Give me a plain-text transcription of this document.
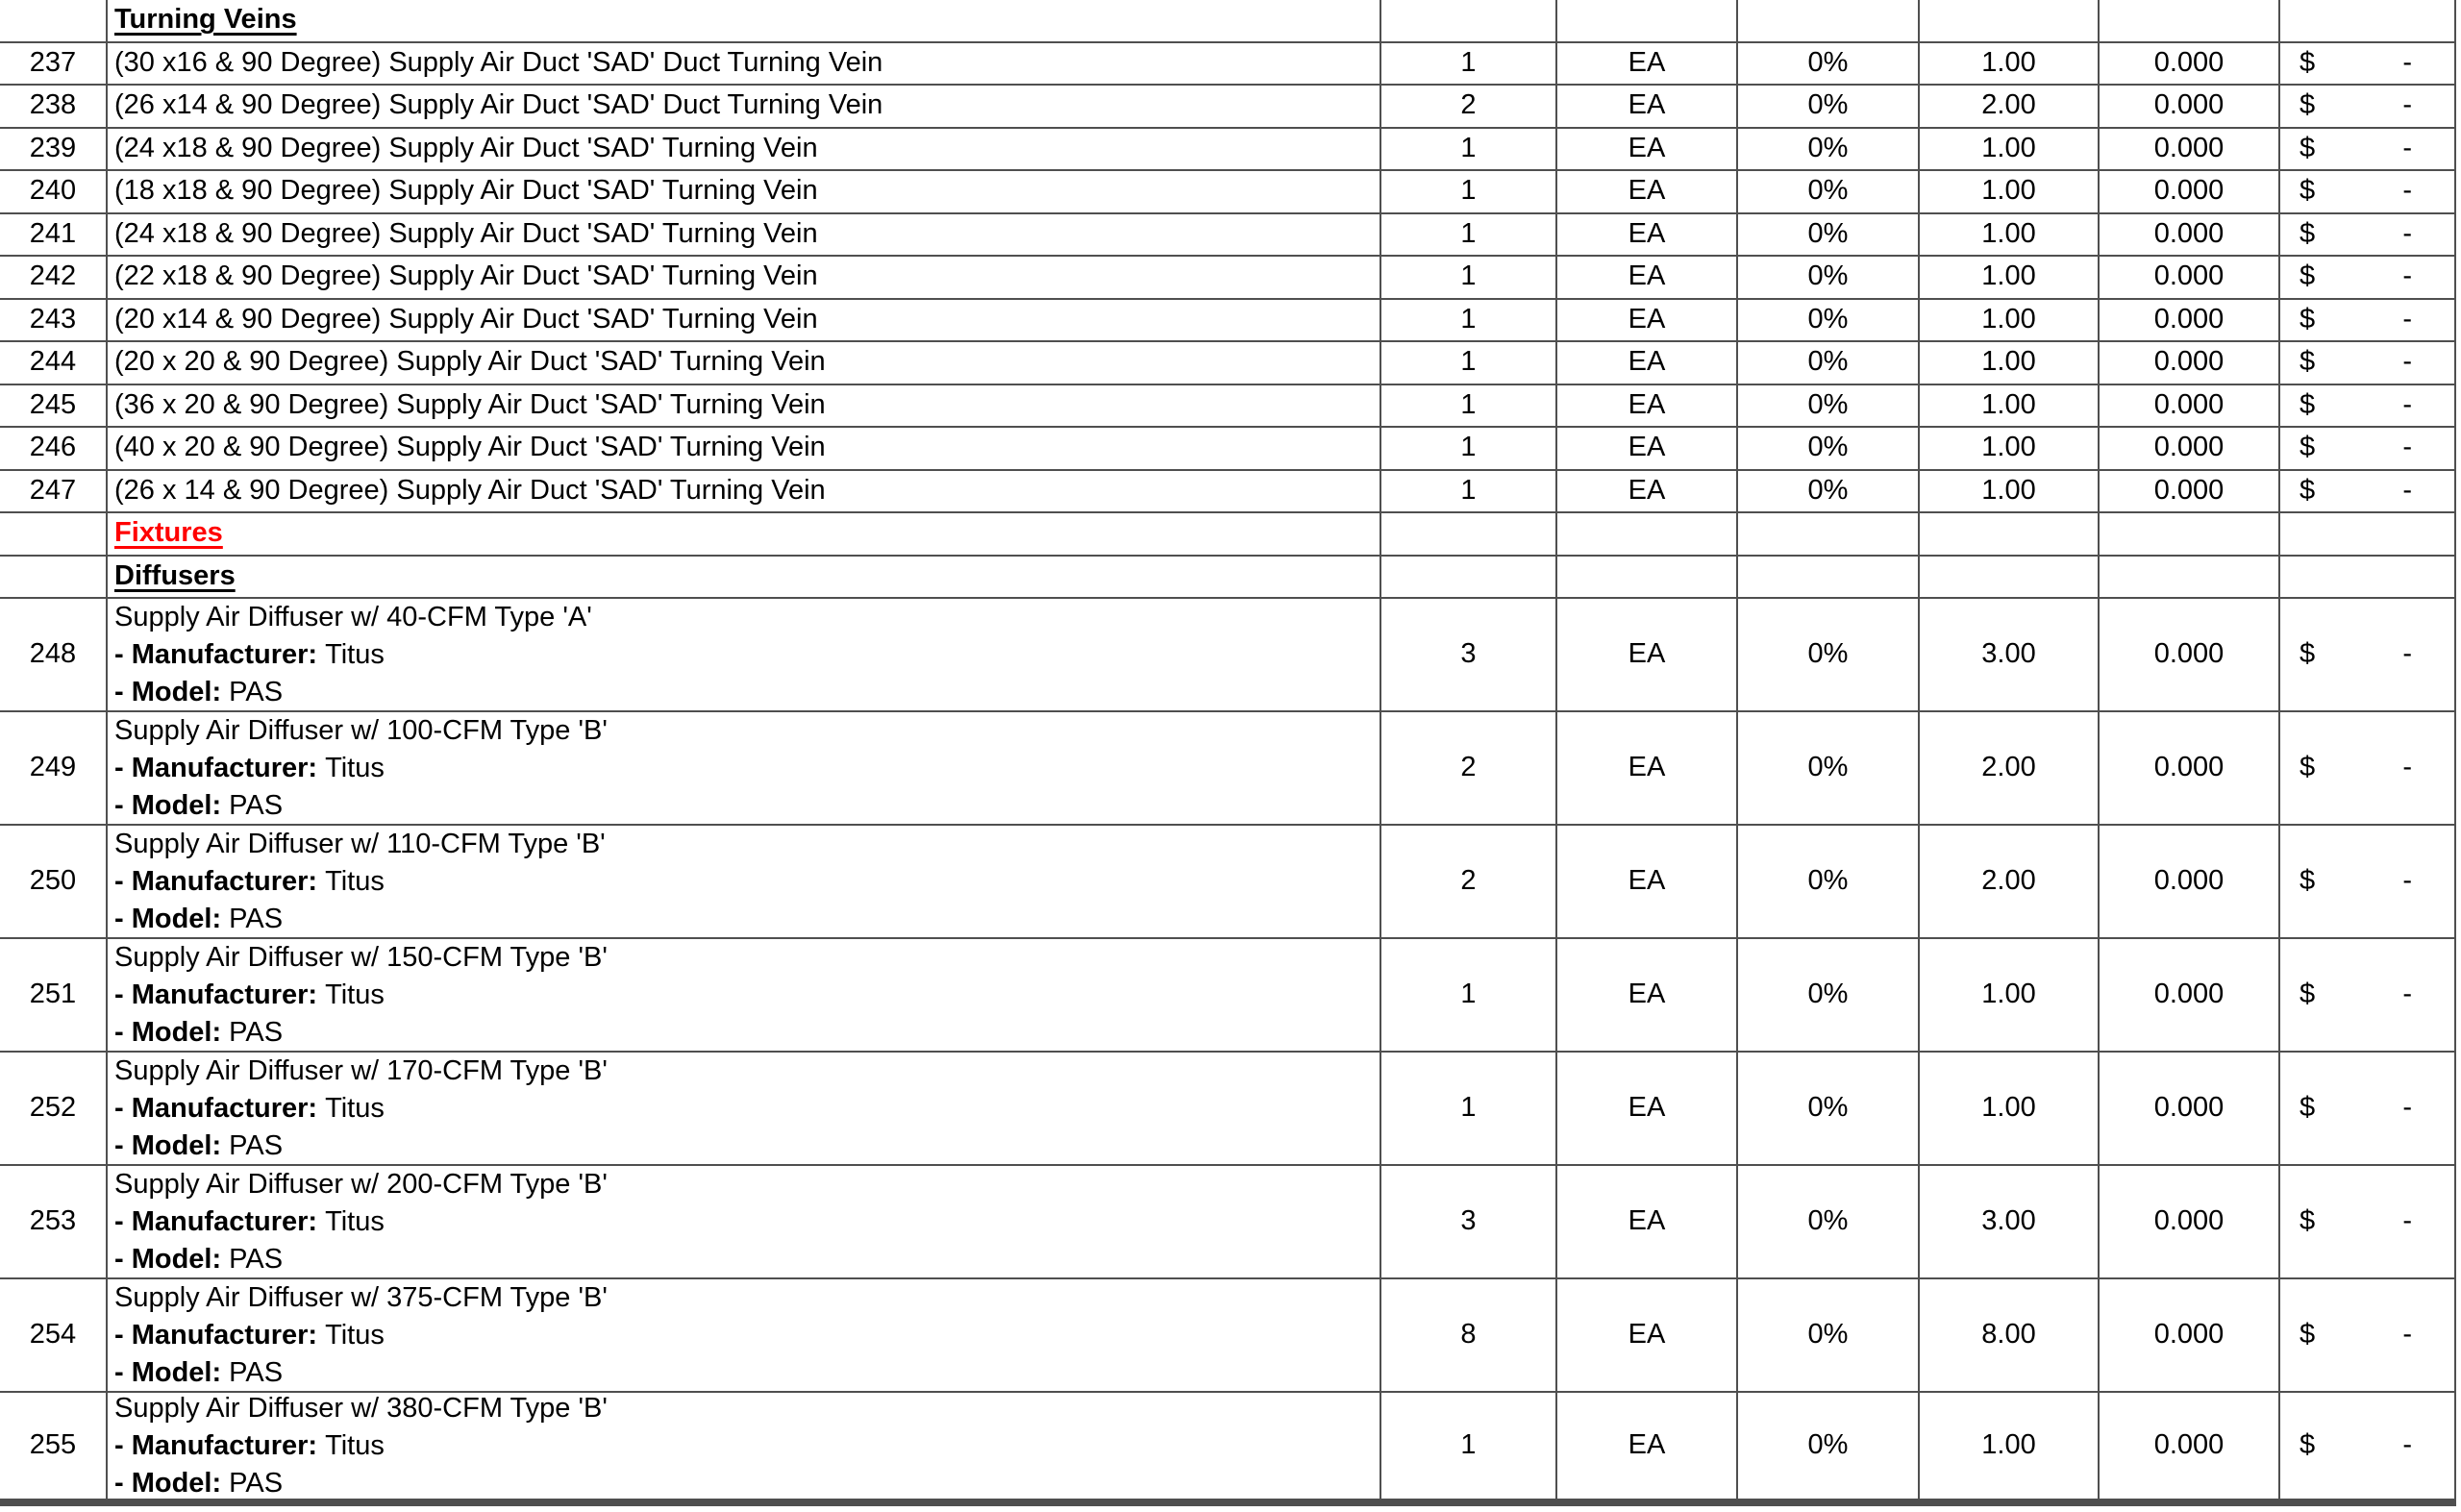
Turning Veins
237 (30 x16 & 90 Degree) Supply Air Duct 'SAD' Duct Turning Vein	1	EA	0%	1.00	0.000	$	-
238 (26 x14 & 90 Degree) Supply Air Duct 'SAD' Duct Turning Vein	2	EA	0%	2.00	0.000	$	-
239 (24 x18 & 90 Degree) Supply Air Duct 'SAD' Turning Vein	1	EA	0%	1.00	0.000	$	-
240 (18 x18 & 90 Degree) Supply Air Duct 'SAD' Turning Vein	1	EA	0%	1.00	0.000	$	-
241 (24 x18 & 90 Degree) Supply Air Duct 'SAD' Turning Vein	1	EA	0%	1.00	0.000	$	-
242 (22 x18 & 90 Degree) Supply Air Duct 'SAD' Turning Vein	1	EA	0%	1.00	0.000	$	-
243 (20 x14 & 90 Degree) Supply Air Duct 'SAD' Turning Vein	1	EA	0%	1.00	0.000	$	-
244 (20 x 20 & 90 Degree) Supply Air Duct 'SAD' Turning Vein	1	EA	0%	1.00	0.000	$	-
245 (36 x 20 & 90 Degree) Supply Air Duct 'SAD' Turning Vein	1	EA	0%	1.00	0.000	$	-
246 (40 x 20 & 90 Degree) Supply Air Duct 'SAD' Turning Vein	1	EA	0%	1.00	0.000	$	-
247 (26 x 14 & 90 Degree) Supply Air Duct 'SAD' Turning Vein	1	EA	0%	1.00	0.000	$	-
Fixtures
Diffusers
248
Supply Air Diffuser w/ 40-CFM Type 'A'
- Manufacturer: Titus
- Model: PAS
3	EA	0%	3.00	0.000	$	-
249
Supply Air Diffuser w/ 100-CFM Type 'B'
- Manufacturer: Titus
- Model: PAS
2	EA	0%	2.00	0.000	$	-
250
Supply Air Diffuser w/ 110-CFM Type 'B'
- Manufacturer: Titus
- Model: PAS
2	EA	0%	2.00	0.000	$	-
251
Supply Air Diffuser w/ 150-CFM Type 'B'
- Manufacturer: Titus
- Model: PAS
1	EA	0%	1.00	0.000	$	-
252
Supply Air Diffuser w/ 170-CFM Type 'B'
- Manufacturer: Titus
- Model: PAS
1	EA	0%	1.00	0.000	$	-
253
Supply Air Diffuser w/ 200-CFM Type 'B'
- Manufacturer: Titus
- Model: PAS
3	EA	0%	3.00	0.000	$	-
254
Supply Air Diffuser w/ 375-CFM Type 'B'
- Manufacturer: Titus
- Model: PAS
8	EA	0%	8.00	0.000	$	-
255
Supply Air Diffuser w/ 380-CFM Type 'B'
- Manufacturer: Titus
- Model: PAS
1	EA	0%	1.00	0.000	$	-
